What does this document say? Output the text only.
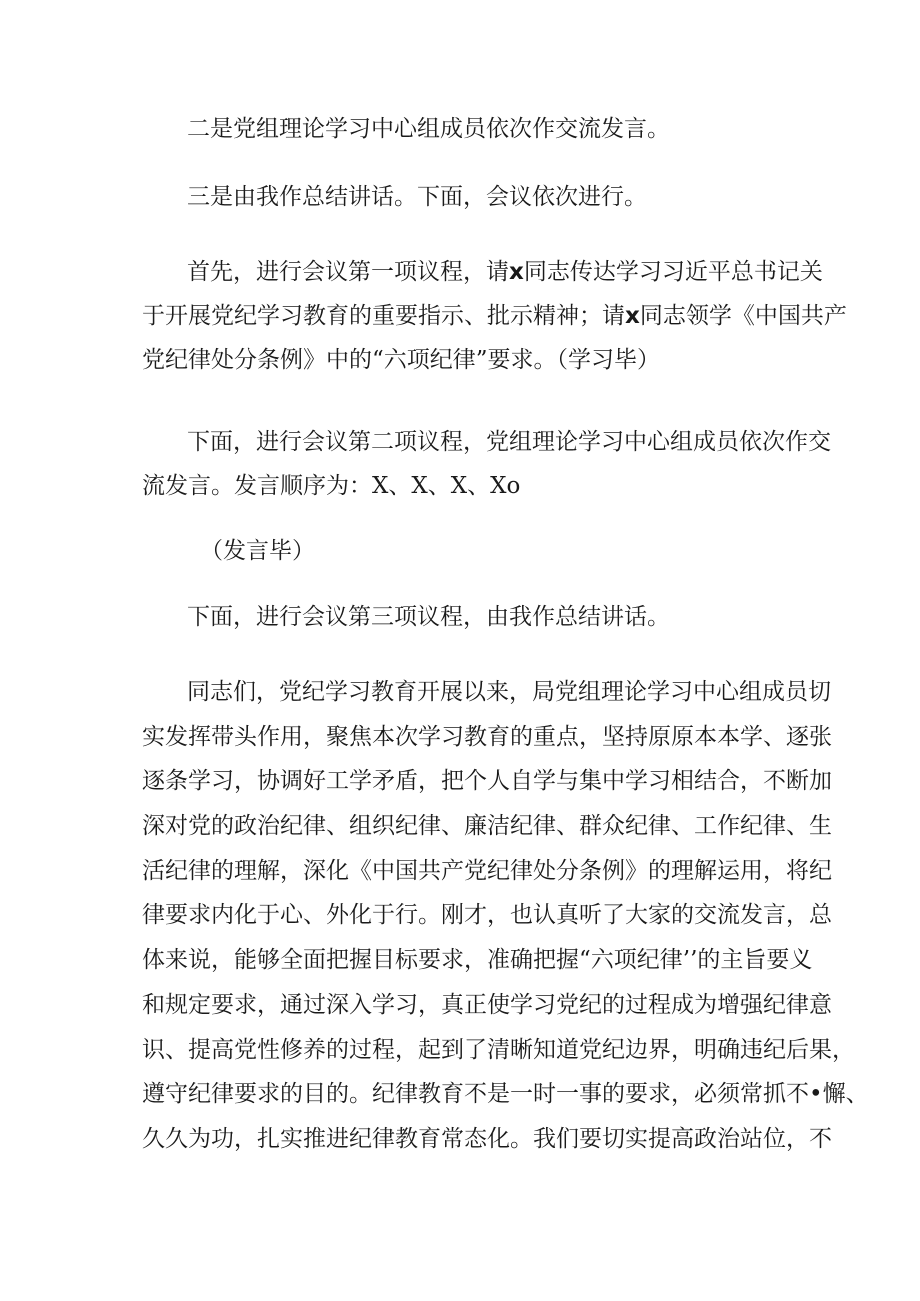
二是党组理论学习中心组成员依次作交流发言。

三是由我作总结讲话。下面，会议依次进行。

首先，进行会议第一项议程，请x同志传达学习习近平总书记关
于开展党纪学习教育的重要指示、批示精神；请x同志领学《中国共产
党纪律处分条例》中的“六项纪律”要求。（学习毕）

下面，进行会议第二项议程，党组理论学习中心组成员依次作交
流发言。发言顺序为：X、X、X、Xo

（发言毕）

下面，进行会议第三项议程，由我作总结讲话。

同志们，党纪学习教育开展以来，局党组理论学习中心组成员切
实发挥带头作用，聚焦本次学习教育的重点，坚持原原本本学、逐张
逐条学习，协调好工学矛盾，把个人自学与集中学习相结合，不断加
深对党的政治纪律、组织纪律、廉洁纪律、群众纪律、工作纪律、生
活纪律的理解，深化《中国共产党纪律处分条例》的理解运用，将纪
律要求内化于心、外化于行。刚才，也认真听了大家的交流发言，总
体来说，能够全面把握目标要求，准确把握“六项纪律’’的主旨要义
和规定要求，通过深入学习，真正使学习党纪的过程成为增强纪律意
识、提高党性修养的过程，起到了清晰知道党纪边界，明确违纪后果，
遵守纪律要求的目的。纪律教育不是一时一事的要求，必须常抓不•懈、
久久为功，扎实推进纪律教育常态化。我们要切实提高政治站位，不
